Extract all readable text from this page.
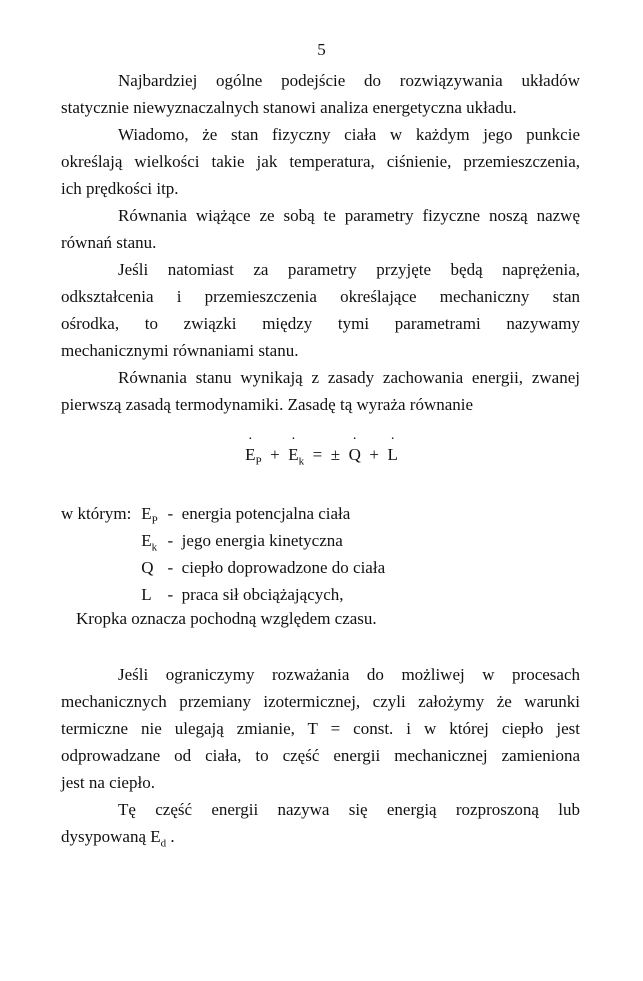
5
Najbardziej ogólne podejście do rozwiązywania układów
statycznie niewyznaczalnych stanowi analiza energetyczna układu.
Wiadomo, że stan fizyczny ciała w każdym jego punkcie
określają wielkości takie jak temperatura, ciśnienie, przemieszczenia,
ich prędkości itp.
Równania wiążące ze sobą te parametry fizyczne noszą nazwę
równań stanu.
Jeśli natomiast za parametry przyjęte będą naprężenia,
odkształcenia i przemieszczenia określające mechaniczny stan
ośrodka, to związki między tymi parametrami nazywamy
mechanicznymi równaniami stanu.
Równania stanu wynikają z zasady zachowania energii, zwanej
pierwszą zasadą termodynamiki. Zasadę tą wyraża równanie
˙ $E_P$ + ˙ $E_k$ = ± ˙ Q + ˙ L
w którym: $E_P$ - energia potencjalna ciała
$E_k$ - jego energia kinetyczna
Q - ciepło doprowadzone do ciała
L - praca sił obciążających,
Kropka oznacza pochodną względem czasu.
Jeśli ograniczymy rozważania do możliwej w procesach
mechanicznych przemiany izotermicznej, czyli założymy że warunki
termiczne nie ulegają zmianie, T = const. i w której ciepło jest
odprowadzane od ciała, to część energii mechanicznej zamieniona
jest na ciepło.
Tę część energii nazywa się energią rozproszoną lub
dysypowaną $E_d$ .
